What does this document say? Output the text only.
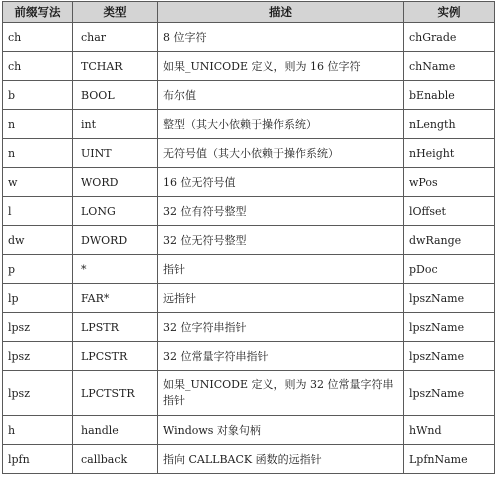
前缀写法	类型	描述	实例
ch	char	8 位字符	chGrade
ch	TCHAR	如果_UNICODE 定义，则为 16 位字符	chName
b	BOOL	布尔值	bEnable
n	int	整型（其大小依赖于操作系统）	nLength
n	UINT	无符号值（其大小依赖于操作系统）	nHeight
w	WORD	16 位无符号值	wPos
l	LONG	32 位有符号整型	lOffset
dw	DWORD	32 位无符号整型	dwRange
p	*	指针	pDoc
lp	FAR*	远指针	lpszName
lpsz	LPSTR	32 位字符串指针	lpszName
lpsz	LPCSTR	32 位常量字符串指针	lpszName
lpsz	LPCTSTR	如果_UNICODE 定义，则为 32 位常量字符串指针	lpszName
h	handle	Windows 对象句柄	hWnd
lpfn	callback	指向 CALLBACK 函数的远指针	LpfnName
